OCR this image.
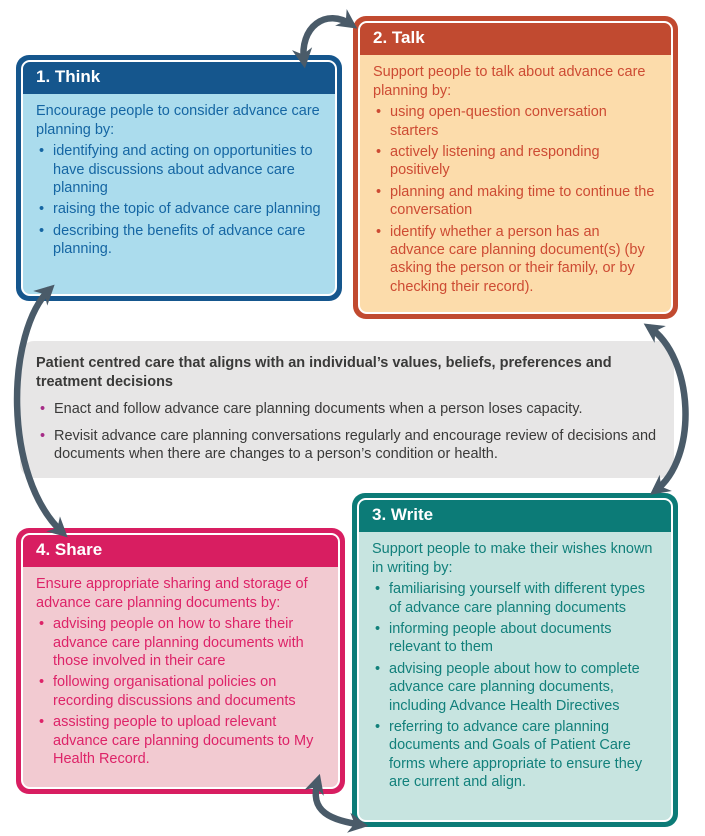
1. Think

Encourage people to consider advance care planning by:

• identifying and acting on opportunities to have discussions about advance care planning
• raising the topic of advance care planning
• describing the benefits of advance care planning.
2. Talk

Support people to talk about advance care planning by:

• using open-question conversation starters
• actively listening and responding positively
• planning and making time to continue the conversation
• identify whether a person has an advance care planning document(s) (by asking the person or their family, or by checking their record).
Patient centred care that aligns with an individual’s values, beliefs, preferences and treatment decisions
• Enact and follow advance care planning documents when a person loses capacity.
• Revisit advance care planning conversations regularly and encourage review of decisions and documents when there are changes to a person’s condition or health.
3. Write

Support people to make their wishes known in writing by:

• familiarising yourself with different types of advance care planning documents
• informing people about documents relevant to them
• advising people about how to complete advance care planning documents, including Advance Health Directives
• referring to advance care planning documents and Goals of Patient Care forms where appropriate to ensure they are current and align.
4. Share

Ensure appropriate sharing and storage of advance care planning documents by:

• advising people on how to share their advance care planning documents with those involved in their care
• following organisational policies on recording discussions and documents
• assisting people to upload relevant advance care planning documents to My Health Record.
